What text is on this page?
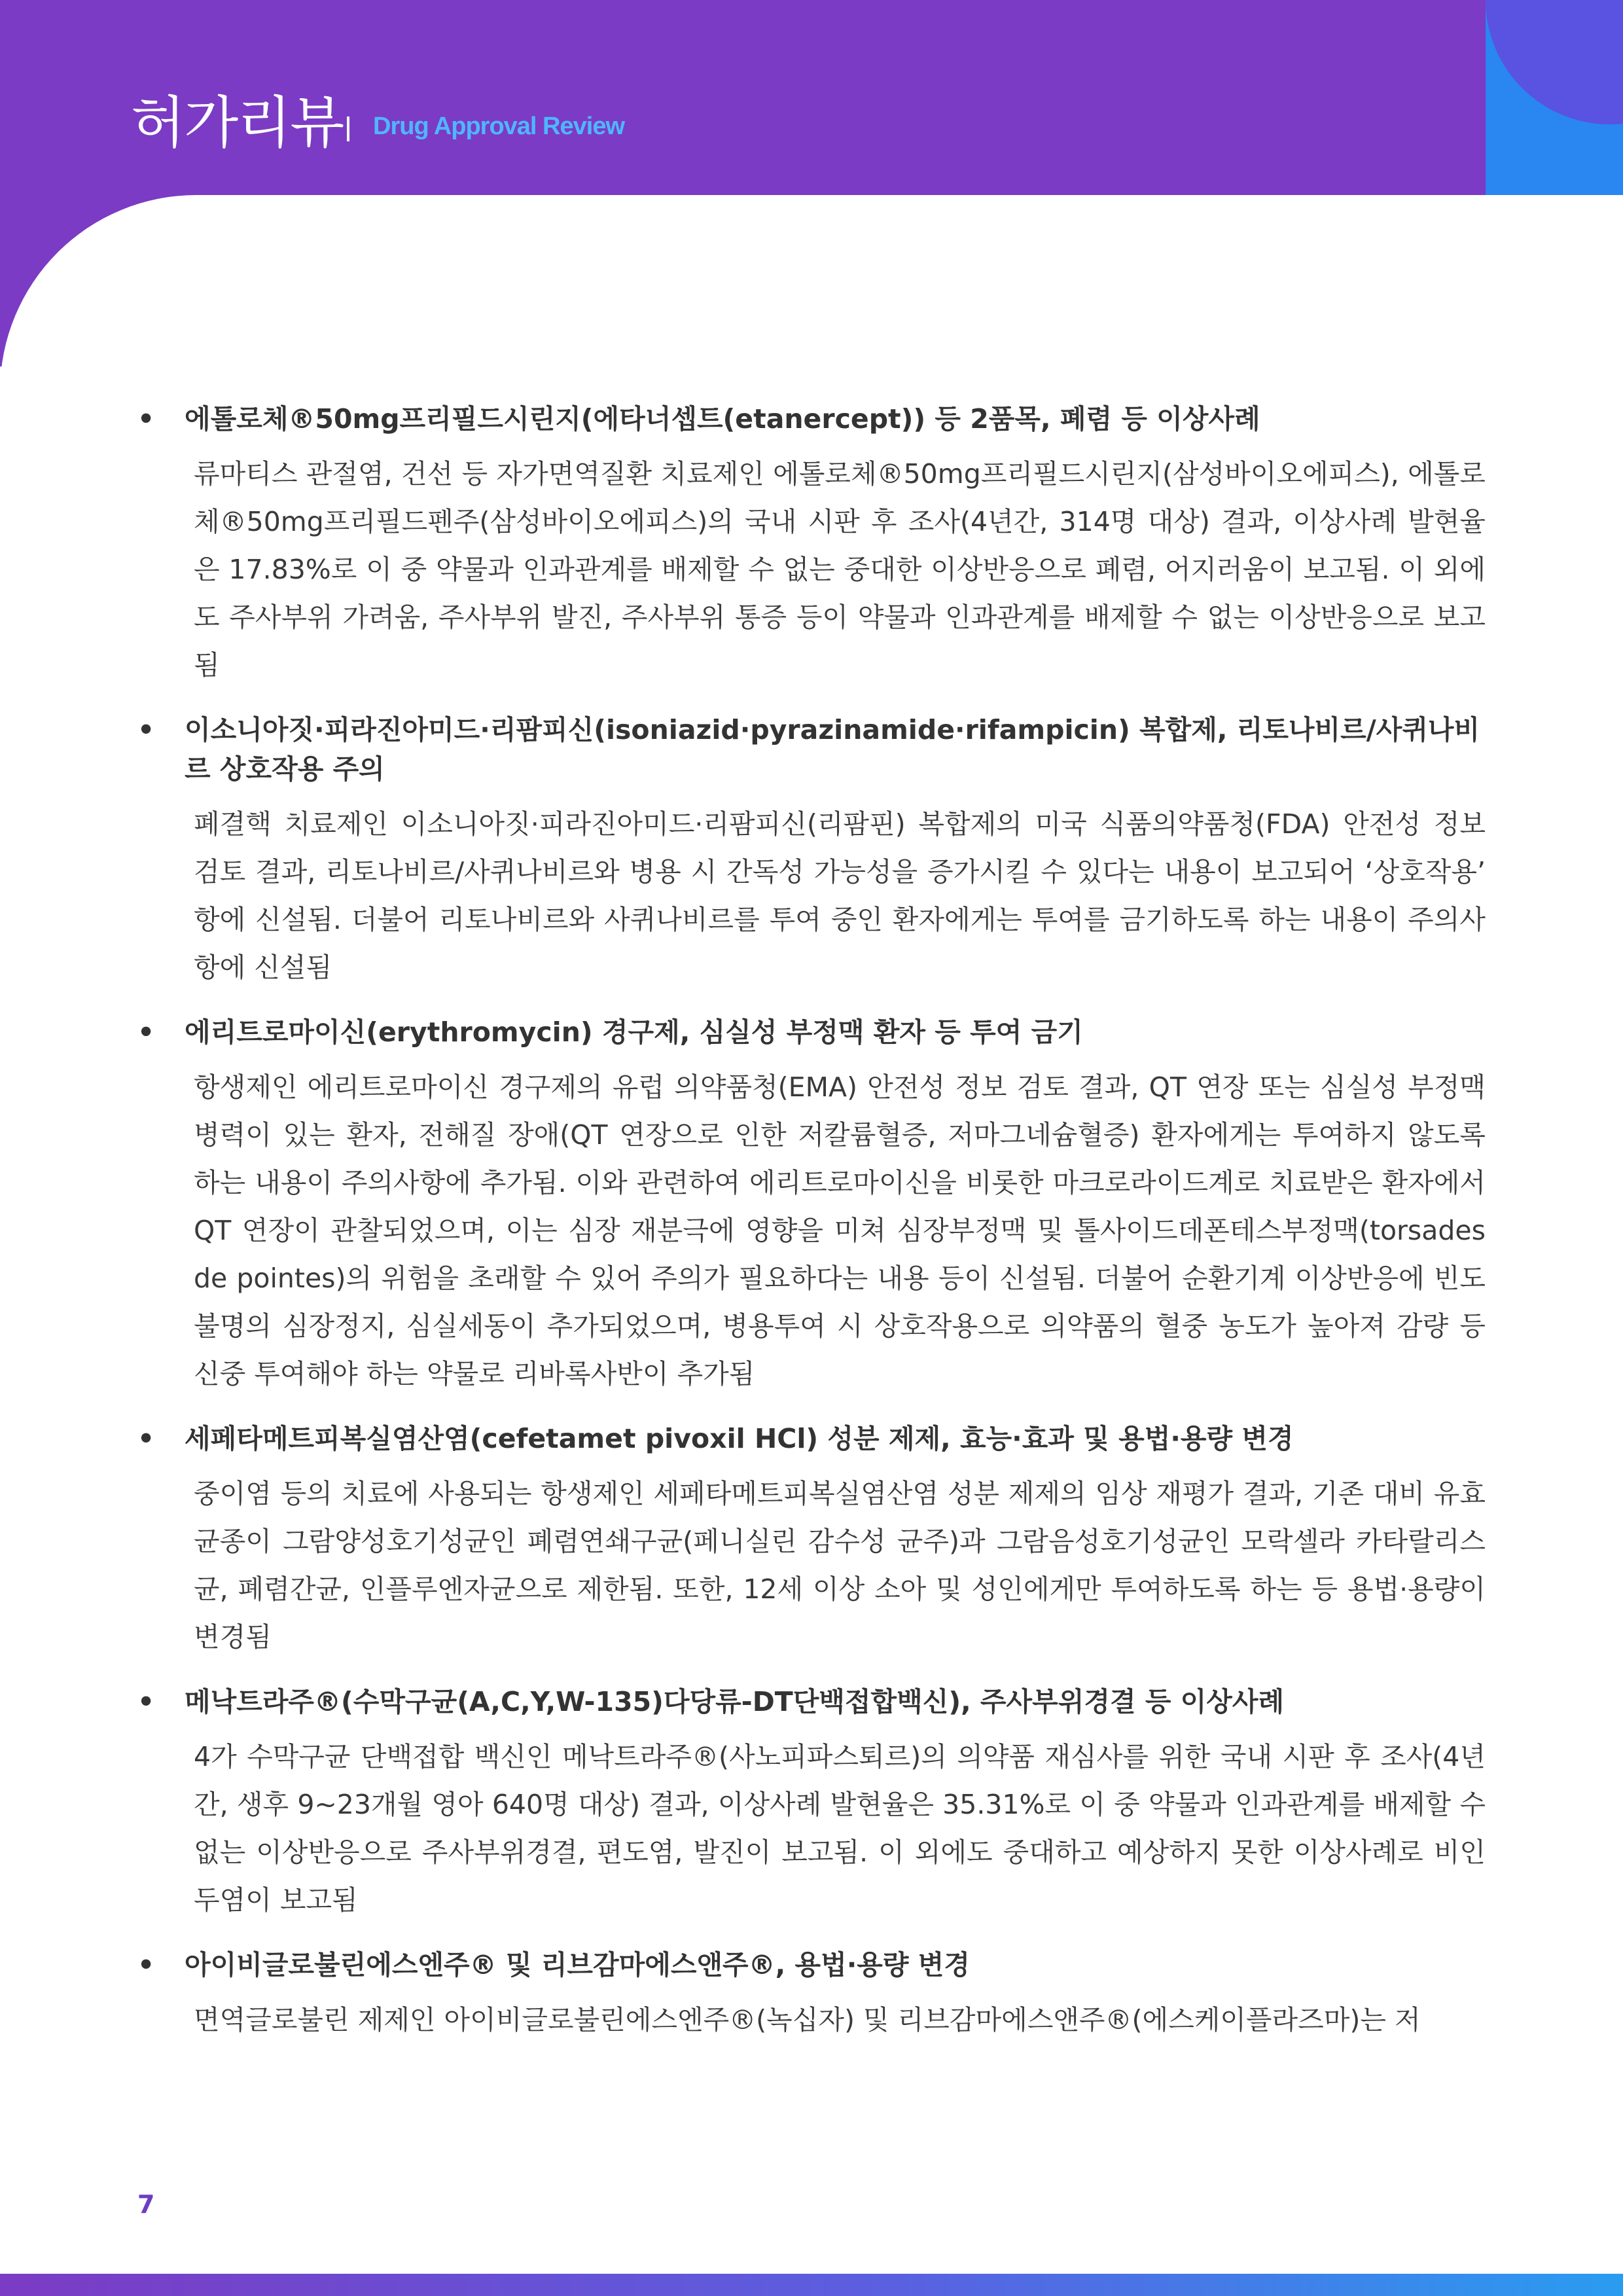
허가리뷰 Drug Approval Review
• 에톨로체®50mg프리필드시린지(에타너셉트(etanercept)) 등 2품목, 폐렴 등 이상사례
류마티스 관절염, 건선 등 자가면역질환 치료제인 에톨로체®50mg프리필드시린지(삼성바이오에피스), 에톨로체®50mg프리필드펜주(삼성바이오에피스)의 국내 시판 후 조사(4년간, 314명 대상) 결과, 이상사례 발현율은 17.83%로 이 중 약물과 인과관계를 배제할 수 없는 중대한 이상반응으로 폐렴, 어지러움이 보고됨. 이 외에도 주사부위 가려움, 주사부위 발진, 주사부위 통증 등이 약물과 인과관계를 배제할 수 없는 이상반응으로 보고됨
• 이소니아짓·피라진아미드·리팜피신(isoniazid·pyrazinamide·rifampicin) 복합제, 리토나비르/사퀴나비르 상호작용 주의
폐결핵 치료제인 이소니아짓·피라진아미드·리팜피신(리팜핀) 복합제의 미국 식품의약품청(FDA) 안전성 정보 검토 결과, 리토나비르/사퀴나비르와 병용 시 간독성 가능성을 증가시킬 수 있다는 내용이 보고되어 ‘상호작용’ 항에 신설됨. 더불어 리토나비르와 사퀴나비르를 투여 중인 환자에게는 투여를 금기하도록 하는 내용이 주의사항에 신설됨
• 에리트로마이신(erythromycin) 경구제, 심실성 부정맥 환자 등 투여 금기
항생제인 에리트로마이신 경구제의 유럽 의약품청(EMA) 안전성 정보 검토 결과, QT 연장 또는 심실성 부정맥 병력이 있는 환자, 전해질 장애(QT 연장으로 인한 저칼륨혈증, 저마그네슘혈증) 환자에게는 투여하지 않도록 하는 내용이 주의사항에 추가됨. 이와 관련하여 에리트로마이신을 비롯한 마크로라이드계로 치료받은 환자에서 QT 연장이 관찰되었으며, 이는 심장 재분극에 영향을 미쳐 심장부정맥 및 톨사이드데폰테스부정맥(torsades de pointes)의 위험을 초래할 수 있어 주의가 필요하다는 내용 등이 신설됨. 더불어 순환기계 이상반응에 빈도불명의 심장정지, 심실세동이 추가되었으며, 병용투여 시 상호작용으로 의약품의 혈중 농도가 높아져 감량 등 신중 투여해야 하는 약물로 리바록사반이 추가됨
• 세페타메트피복실염산염(cefetamet pivoxil HCl) 성분 제제, 효능·효과 및 용법·용량 변경
중이염 등의 치료에 사용되는 항생제인 세페타메트피복실염산염 성분 제제의 임상 재평가 결과, 기존 대비 유효균종이 그람양성호기성균인 폐렴연쇄구균(페니실린 감수성 균주)과 그람음성호기성균인 모락셀라 카타랄리스균, 폐렴간균, 인플루엔자균으로 제한됨. 또한, 12세 이상 소아 및 성인에게만 투여하도록 하는 등 용법·용량이 변경됨
• 메낙트라주®(수막구균(A,C,Y,W-135)다당류-DT단백접합백신), 주사부위경결 등 이상사례
4가 수막구균 단백접합 백신인 메낙트라주®(사노피파스퇴르)의 의약품 재심사를 위한 국내 시판 후 조사(4년간, 생후 9~23개월 영아 640명 대상) 결과, 이상사례 발현율은 35.31%로 이 중 약물과 인과관계를 배제할 수 없는 이상반응으로 주사부위경결, 편도염, 발진이 보고됨. 이 외에도 중대하고 예상하지 못한 이상사례로 비인두염이 보고됨
• 아이비글로불린에스엔주® 및 리브감마에스앤주®, 용법·용량 변경
면역글로불린 제제인 아이비글로불린에스엔주®(녹십자) 및 리브감마에스앤주®(에스케이플라즈마)는 저
7
